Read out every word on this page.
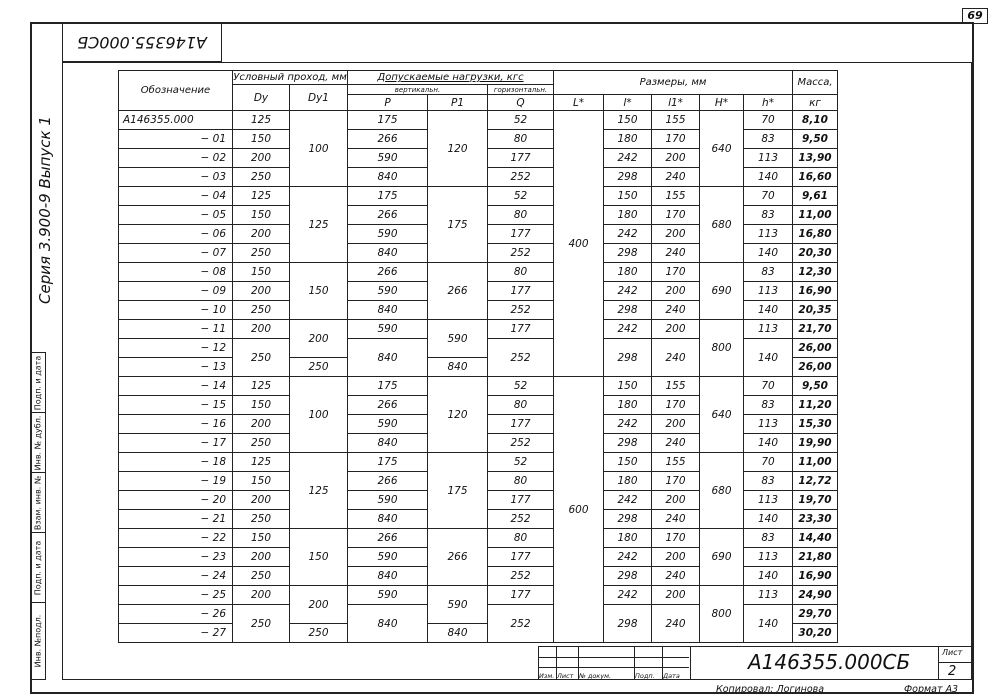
69
A146355.000СБ
Серия 3.900-9 Выпуск 1
Подп. и дата
Инв. № дубл.
Взам. инв. №
Подп. и дата
Инв. №подл.
Обозначение	Условный проход, мм		Допускаемые нагрузки, кгс			Размеры, мм					Масса,
	Dу	Dу1	вертикальн.		горизонтальн.						
			P	P1	Q	L*	l*	l1*	H*	h*	кг
A146355.000	125	100	175	120	52	400	150	155	640	70	8,10
− 01	150		266		80		180	170		83	9,50
− 02	200		590		177		242	200		113	13,90
− 03	250		840		252		298	240		140	16,60
− 04	125	125	175	175	52		150	155	680	70	9,61
− 05	150		266		80		180	170		83	11,00
− 06	200		590		177		242	200		113	16,80
− 07	250		840		252		298	240		140	20,30
− 08	150	150	266	266	80		180	170	690	83	12,30
− 09	200		590		177		242	200		113	16,90
− 10	250		840		252		298	240		140	20,35
− 11	200	200	590	590	177		242	200	800	113	21,70
− 12	250		840		252		298	240		140	26,00
− 13		250		840							26,00
− 14	125	100	175	120	52	600	150	155	640	70	9,50
− 15	150		266		80		180	170		83	11,20
− 16	200		590		177		242	200		113	15,30
− 17	250		840		252		298	240		140	19,90
− 18	125	125	175	175	52		150	155	680	70	11,00
− 19	150		266		80		180	170		83	12,72
− 20	200		590		177		242	200		113	19,70
− 21	250		840		252		298	240		140	23,30
− 22	150	150	266	266	80		180	170	690	83	14,40
− 23	200		590		177		242	200		113	21,80
− 24	250		840		252		298	240		140	16,90
− 25	200	200	590	590	177		242	200	800	113	24,90
− 26	250		840		252		298	240		140	29,70
− 27		250		840							30,20
Изм. Лист № докум.	Подп. Дата
A146355.000СБ	Лист
2
Копировал: Логинова	Формат А3
